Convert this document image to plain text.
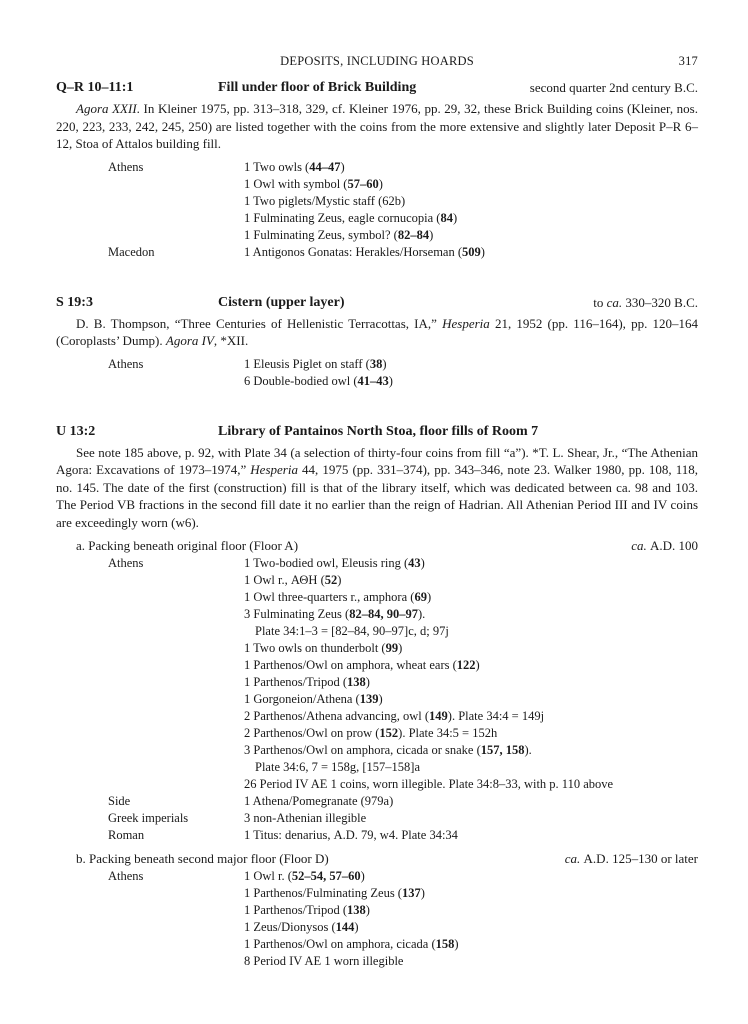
DEPOSITS, INCLUDING HOARDS	317
Q–R 10–11:1	Fill under floor of Brick Building	second quarter 2nd century B.C.

Agora XXII. In Kleiner 1975, pp. 313–318, 329, cf. Kleiner 1976, pp. 29, 32, these Brick Building coins (Kleiner, nos. 220, 223, 233, 242, 245, 250) are listed together with the coins from the more extensive and slightly later Deposit P–R 6–12, Stoa of Attalos building fill.

Athens	1 Two owls (44–47)
1 Owl with symbol (57–60)
1 Two piglets/Mystic staff (62b)
1 Fulminating Zeus, eagle cornucopia (84)
1 Fulminating Zeus, symbol? (82–84)
Macedon	1 Antigonos Gonatas: Herakles/Horseman (509)
S 19:3	Cistern (upper layer)	to ca. 330–320 B.C.

D. B. Thompson, “Three Centuries of Hellenistic Terracottas, IA,” Hesperia 21, 1952 (pp. 116–164), pp. 120–164 (Coroplasts’ Dump). Agora IV, *XII.

Athens	1 Eleusis Piglet on staff (38)
6 Double-bodied owl (41–43)
U 13:2	Library of Pantainos North Stoa, floor fills of Room 7

See note 185 above, p. 92, with Plate 34 (a selection of thirty-four coins from fill “a”). *T. L. Shear, Jr., “The Athenian Agora: Excavations of 1973–1974,” Hesperia 44, 1975 (pp. 331–374), pp. 343–346, note 23. Walker 1980, pp. 108, 118, no. 145. The date of the first (construction) fill is that of the library itself, which was dedicated between ca. 98 and 103. The Period VB fractions in the second fill date it no earlier than the reign of Hadrian. All Athenian Period III and IV coins are exceedingly worn (w6).

a. Packing beneath original floor (Floor A)	ca. A.D. 100
Athens	1 Two-bodied owl, Eleusis ring (43)
1 Owl r., ΑΘΗ (52)
1 Owl three-quarters r., amphora (69)
3 Fulminating Zeus (82–84, 90–97).
Plate 34:1–3 = [82–84, 90–97]c, d; 97j
1 Two owls on thunderbolt (99)
1 Parthenos/Owl on amphora, wheat ears (122)
1 Parthenos/Tripod (138)
1 Gorgoneion/Athena (139)
2 Parthenos/Athena advancing, owl (149). Plate 34:4 = 149j
2 Parthenos/Owl on prow (152). Plate 34:5 = 152h
3 Parthenos/Owl on amphora, cicada or snake (157, 158).
Plate 34:6, 7 = 158g, [157–158]a
26 Period IV AE 1 coins, worn illegible. Plate 34:8–33, with p. 110 above
Side	1 Athena/Pomegranate (979a)
Greek imperials	3 non-Athenian illegible
Roman	1 Titus: denarius, A.D. 79, w4. Plate 34:34
b. Packing beneath second major floor (Floor D)	ca. A.D. 125–130 or later
Athens	1 Owl r. (52–54, 57–60)
1 Parthenos/Fulminating Zeus (137)
1 Parthenos/Tripod (138)
1 Zeus/Dionysos (144)
1 Parthenos/Owl on amphora, cicada (158)
8 Period IV AE 1 worn illegible
